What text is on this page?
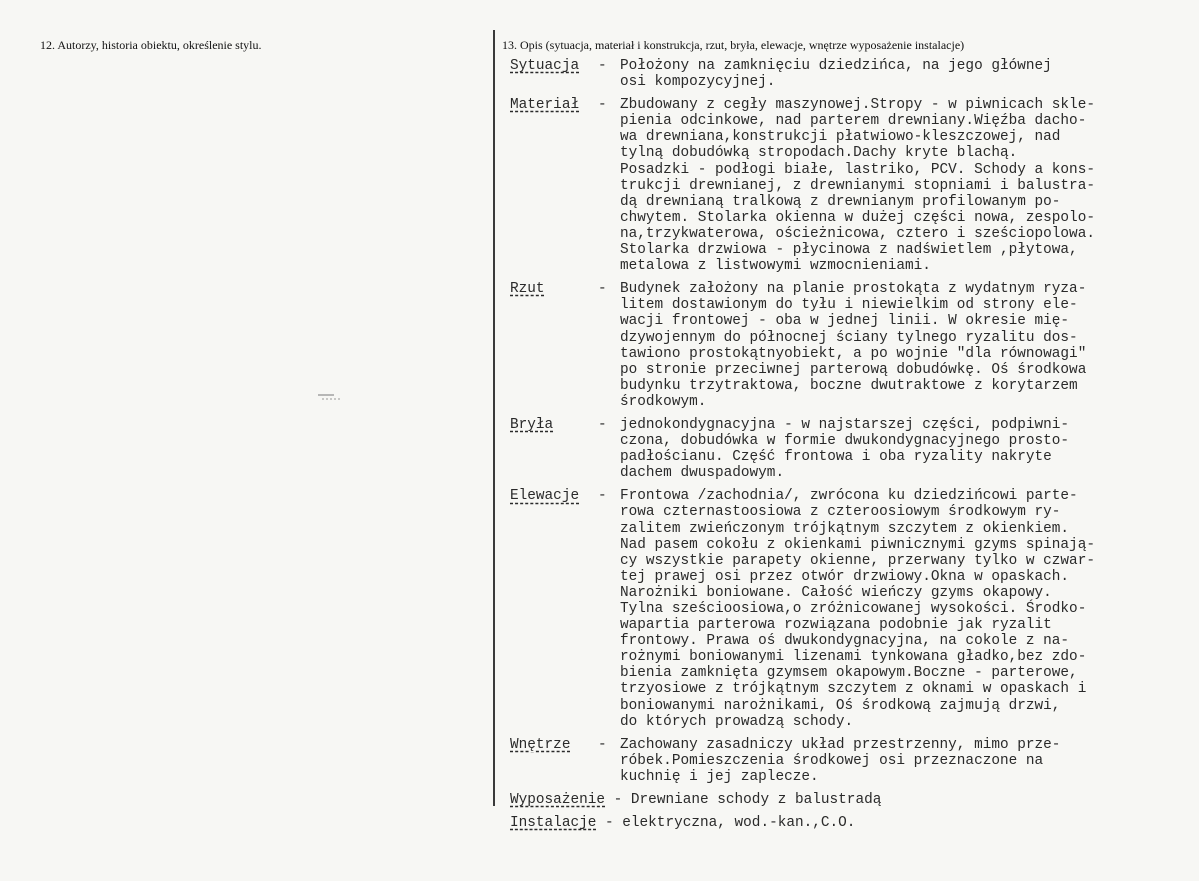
12. Autorzy, historia obiektu, określenie stylu.	13. Opis (sytuacja, materiał i konstrukcja, rzut, bryła, elewacje, wnętrze wyposażenie instalacje)
Sytuacja - Położony na zamknięciu dziedzińca, na jego głównej
osi kompozycyjnej.
Materiał - Zbudowany z cegły maszynowej.Stropy - w piwnicach skle-
pienia odcinkowe, nad parterem drewniany.Więźba dacho-
wa drewniana,konstrukcji płatwiowo-kleszczowej, nad
tylną dobudówką stropodach.Dachy kryte blachą.
Posadzki - podłogi białe, lastriko, PCV. Schody a kons-
trukcji drewnianej, z drewnianymi stopniami i balustra-
dą drewnianą tralkową z drewnianym profilowanym po-
chwytem. Stolarka okienna w dużej części nowa, zespolo-
na,trzykwaterowa, ościeżnicowa, cztero i sześciopolowa.
Stolarka drzwiowa - płycinowa z nadświetlem ,płytowa,
metalowa z listwowymi wzmocnieniami.
Rzut	- Budynek założony na planie prostokąta z wydatnym ryza-
litem dostawionym do tyłu i niewielkim od strony ele-
wacji frontowej - oba w jednej linii. W okresie mię-
dzywojennym do północnej ściany tylnego ryzalitu dos-
tawiono prostokątnyobiekt, a po wojnie "dla równowagi"
po stronie przeciwnej parterową dobudówkę. Oś środkowa
budynku trzytraktowa, boczne dwutraktowe z korytarzem
środkowym.
Bryła	- jednokondygnacyjna - w najstarszej części, podpiwni-
czona, dobudówka w formie dwukondygnacyjnego prosto-
padłościanu. Część frontowa i oba ryzality nakryte
dachem dwuspadowym.
Elewacje - Frontowa /zachodnia/, zwrócona ku dziedzińcowi parte-
rowa czternastoosiowa z czteroosiowym środkowym ry-
zalitem zwieńczonym trójkątnym szczytem z okienkiem.
Nad pasem cokołu z okienkami piwnicznymi gzyms spinają-
cy wszystkie parapety okienne, przerwany tylko w czwar-
tej prawej osi przez otwór drzwiowy.Okna w opaskach.
Narożniki boniowane. Całość wieńczy gzyms okapowy.
Tylna sześcioosiowa,o zróżnicowanej wysokości. Środko-
wapartia parterowa rozwiązana podobnie jak ryzalit
frontowy. Prawa oś dwukondygnacyjna, na cokole z na-
rożnymi boniowanymi lizenami tynkowana gładko,bez zdo-
bienia zamknięta gzymsem okapowym.Boczne - parterowe,
trzyosiowe z trójkątnym szczytem z oknami w opaskach i
boniowanymi narożnikami, Oś środkową zajmują drzwi,
do których prowadzą schody.
Wnętrze - Zachowany zasadniczy układ przestrzenny, mimo prze-
róbek.Pomieszczenia środkowej osi przeznaczone na
kuchnię i jej zaplecze.
Wyposażenie - Drewniane schody z balustradą
Instalacje - elektryczna, wod.-kan.,C.O.
